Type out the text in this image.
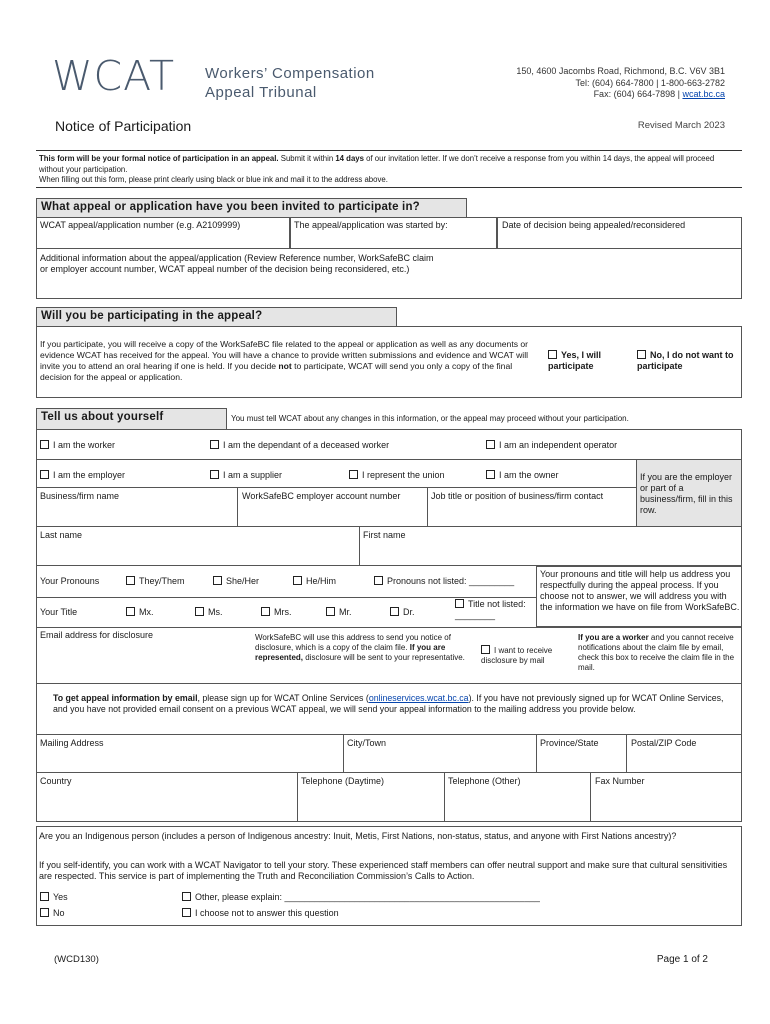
WCAT Workers’ Compensation
Appeal Tribunal
150, 4600 Jacombs Road, Richmond, B.C. V6V 3B1
Tel: (604) 664-7800 | 1-800-663-2782
Fax: (604) 664-7898 | wcat.bc.ca
Notice of Participation	Revised March 2023
This form will be your formal notice of participation in an appeal. Submit it within 14 days of our invitation letter. If we don’t receive a response from you within 14 days, the appeal will proceed without your participation.
When filling out this form, please print clearly using black or blue ink and mail it to the address above.
What appeal or application have you been invited to participate in?
WCAT appeal/application number (e.g. A2109999)	The appeal/application was started by:	Date of decision being appealed/reconsidered
Additional information about the appeal/application (Review Reference number, WorkSafeBC claim or employer account number, WCAT appeal number of the decision being reconsidered, etc.)
Will you be participating in the appeal?
If you participate, you will receive a copy of the WorkSafeBC file related to the appeal or application as well as any documents or evidence WCAT has received for the appeal. You will have a chance to provide written submissions and evidence and WCAT will invite you to attend an oral hearing if one is held. If you decide not to participate, WCAT will send you only a copy of the final decision for the appeal or application.
Yes, I will participate
No, I do not want to participate
Tell us about yourself	You must tell WCAT about any changes in this information, or the appeal may proceed without your participation.
I am the worker	I am the dependant of a deceased worker	I am an independent operator
I am the employer	I am a supplier	I represent the union	I am the owner	If you are the employer or part of a business/firm, fill in this row.
Business/firm name	WorkSafeBC employer account number	Job title or position of business/firm contact
Last name	First name
Your Pronouns	They/Them	She/Her	He/Him	Pronouns not listed: _________
Your Title	Mx.	Ms.	Mrs.	Mr.	Dr.
Title not listed: ________
Your pronouns and title will help us address you respectfully during the appeal process. If you choose not to answer, we will address you with the information we have on file from WorkSafeBC.
Email address for disclosure	WorkSafeBC will use this address to send you notice of disclosure, which is a copy of the claim file. If you are represented, disclosure will be sent to your representative.
I want to receive disclosure by mail
If you are a worker and you cannot receive notifications about the claim file by email, check this box to receive the claim file in the mail.
To get appeal information by email, please sign up for WCAT Online Services (onlineservices.wcat.bc.ca). If you have not previously signed up for WCAT Online Services, and you have not provided email consent on a previous WCAT appeal, we will send your appeal information to the mailing address you provide below.
Mailing Address	City/Town	Province/State	Postal/ZIP Code
Country	Telephone (Daytime)	Telephone (Other)	Fax Number
Are you an Indigenous person (includes a person of Indigenous ancestry: Inuit, Metis, First Nations, non-status, status, and anyone with First Nations ancestry)?
If you self-identify, you can work with a WCAT Navigator to tell your story. These experienced staff members can offer neutral support and make sure that cultural sensitivities are respected. This service is part of implementing the Truth and Reconciliation Commission’s Calls to Action.
Yes
No
Other, please explain: ___________________________________________________
I choose not to answer this question
(WCD130)	Page 1 of 2
